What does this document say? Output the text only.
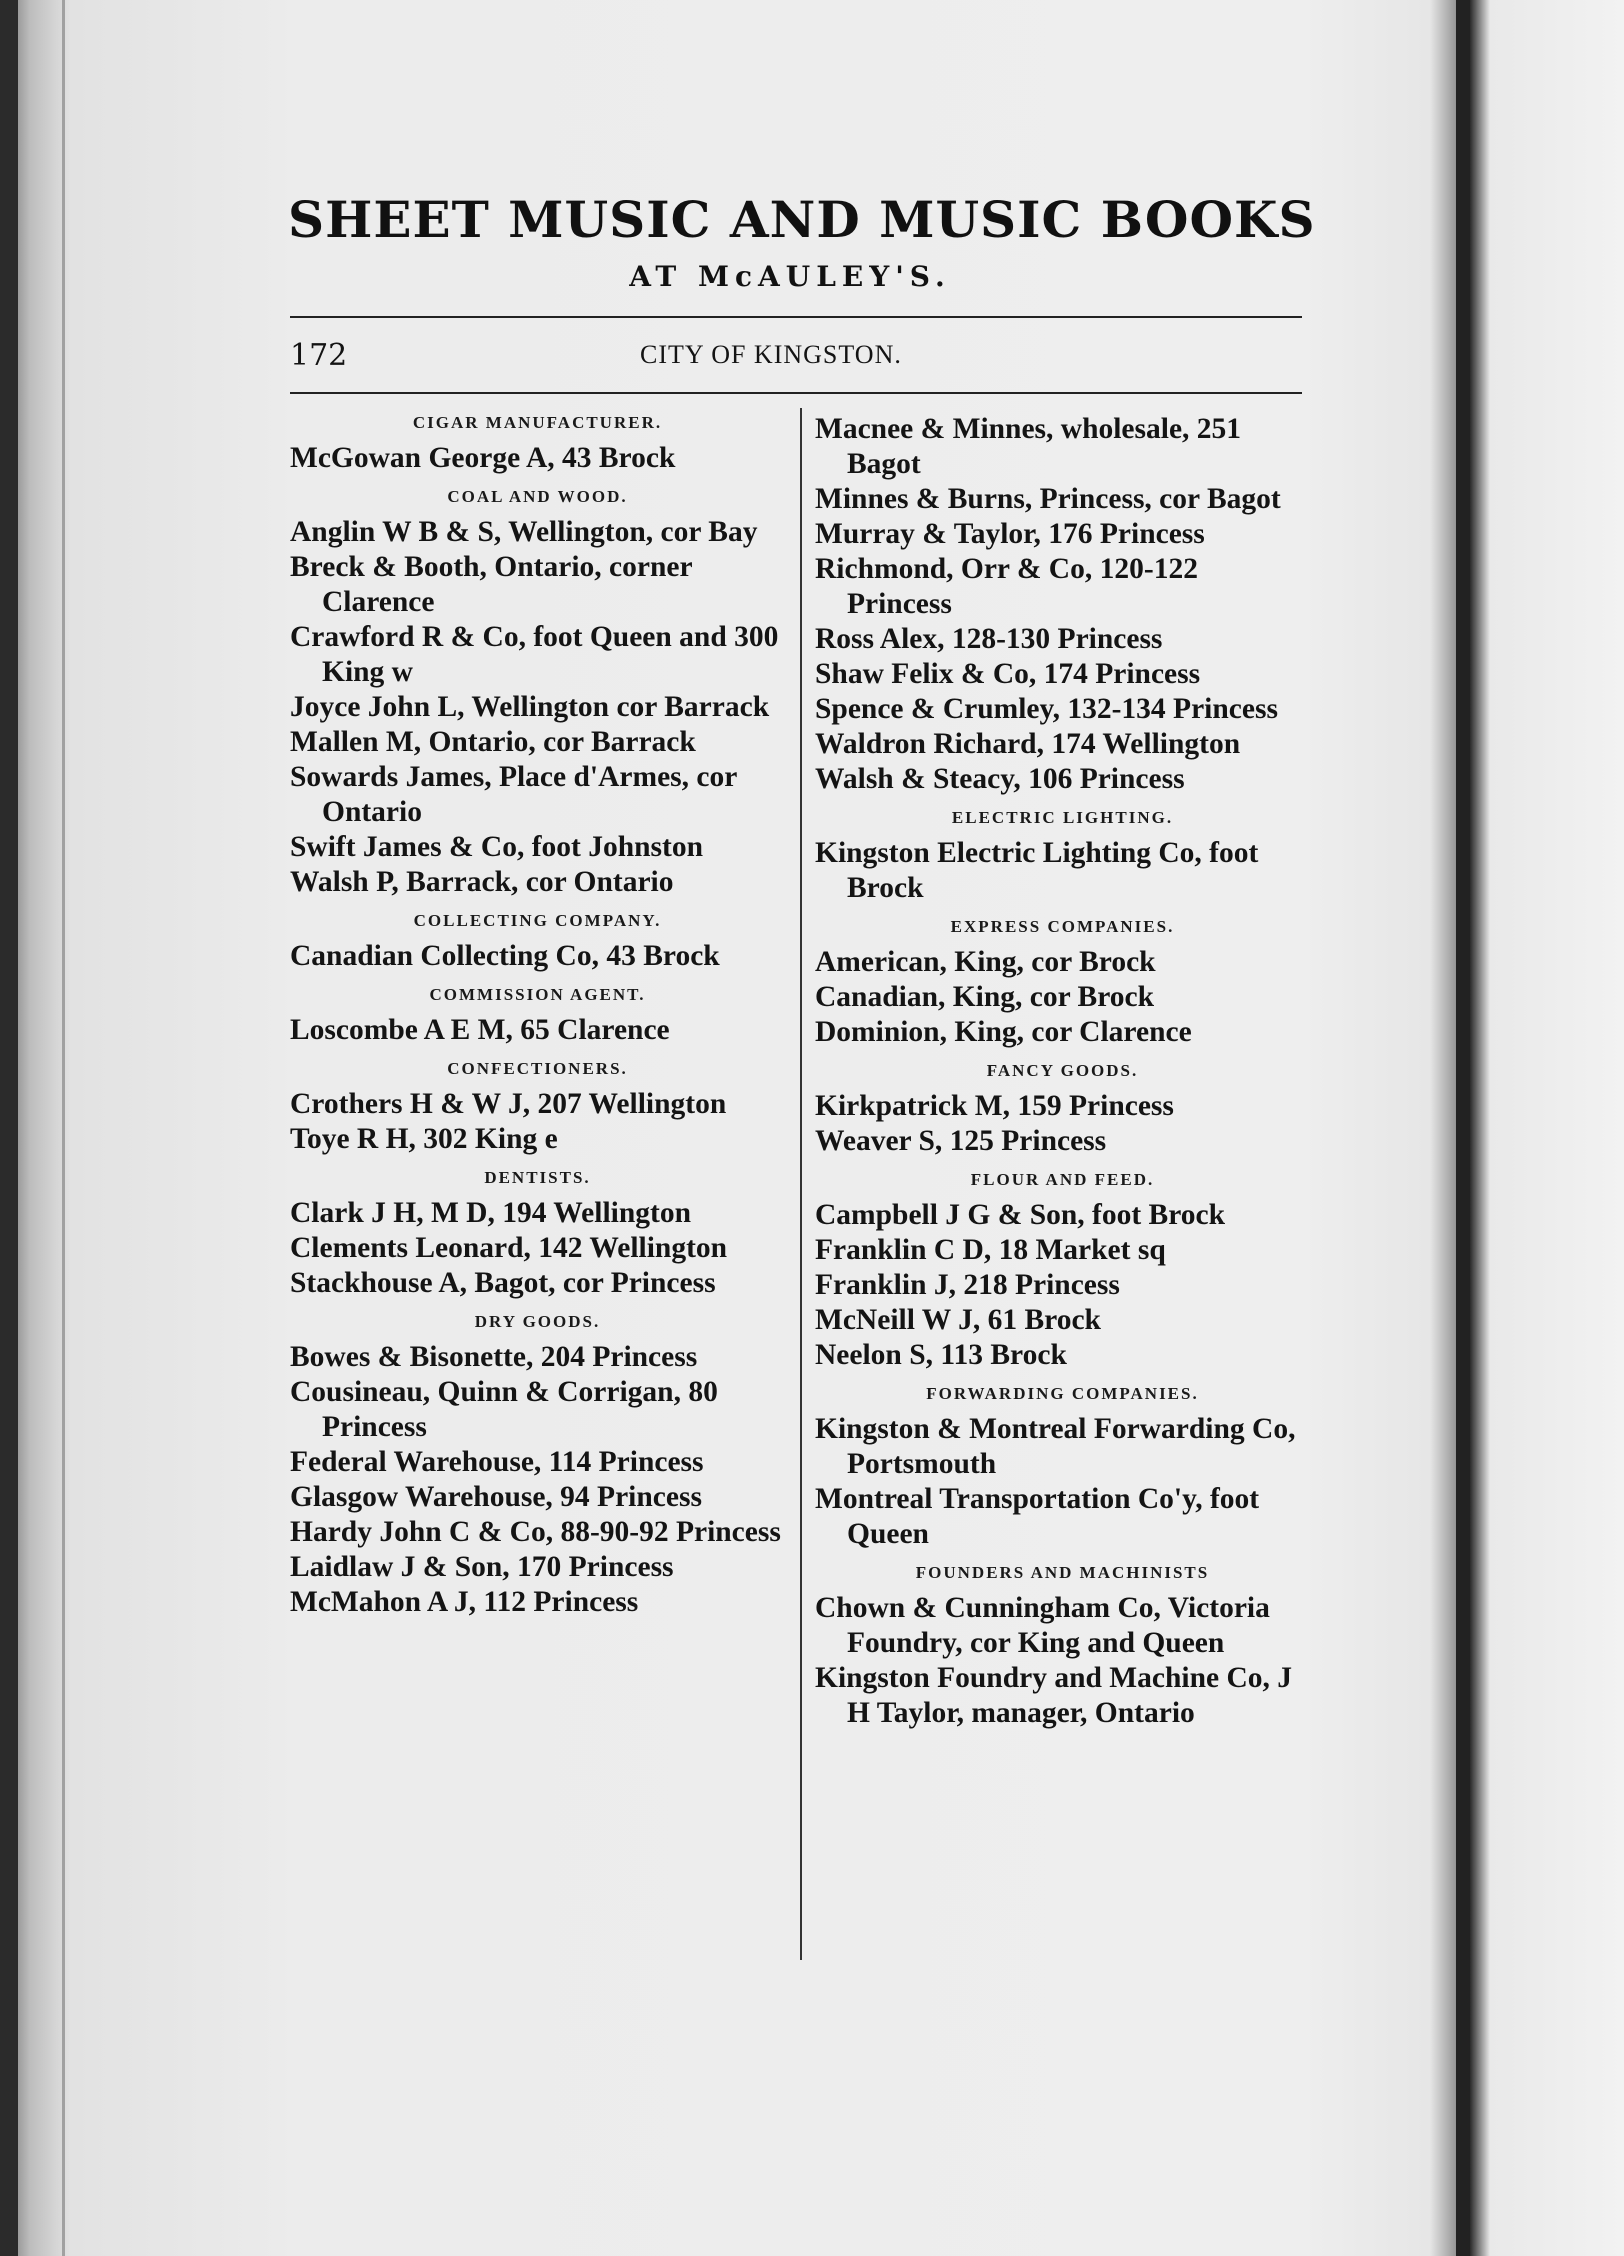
SHEET MUSIC AND MUSIC BOOKS
AT McAULEY'S.
172	CITY OF KINGSTON.
CIGAR MANUFACTURER.

McGowan George A, 43 Brock

COAL AND WOOD.

Anglin W B & S, Wellington, cor Bay

Breck & Booth, Ontario, corner Clarence

Crawford R & Co, foot Queen and 300 King w

Joyce John L, Wellington cor Barrack

Mallen M, Ontario, cor Barrack

Sowards James, Place d'Armes, cor Ontario

Swift James & Co, foot Johnston

Walsh P, Barrack, cor Ontario

COLLECTING COMPANY.

Canadian Collecting Co, 43 Brock

COMMISSION AGENT.

Loscombe A E M, 65 Clarence

CONFECTIONERS.

Crothers H & W J, 207 Wellington

Toye R H, 302 King e

DENTISTS.

Clark J H, M D, 194 Wellington

Clements Leonard, 142 Wellington

Stackhouse A, Bagot, cor Princess

DRY GOODS.

Bowes & Bisonette, 204 Princess

Cousineau, Quinn & Corrigan, 80 Princess

Federal Warehouse, 114 Princess

Glasgow Warehouse, 94 Princess

Hardy John C & Co, 88-90-92 Princess

Laidlaw J & Son, 170 Princess

McMahon A J, 112 Princess

Macnee & Minnes, wholesale, 251 Bagot

Minnes & Burns, Princess, cor Bagot

Murray & Taylor, 176 Princess

Richmond, Orr & Co, 120-122 Princess

Ross Alex, 128-130 Princess

Shaw Felix & Co, 174 Princess

Spence & Crumley, 132-134 Princess

Waldron Richard, 174 Wellington

Walsh & Steacy, 106 Princess

ELECTRIC LIGHTING.

Kingston Electric Lighting Co, foot Brock

EXPRESS COMPANIES.

American, King, cor Brock

Canadian, King, cor Brock

Dominion, King, cor Clarence

FANCY GOODS.

Kirkpatrick M, 159 Princess

Weaver S, 125 Princess

FLOUR AND FEED.

Campbell J G & Son, foot Brock

Franklin C D, 18 Market sq

Franklin J, 218 Princess

McNeill W J, 61 Brock

Neelon S, 113 Brock

FORWARDING COMPANIES.

Kingston & Montreal Forwarding Co, Portsmouth

Montreal Transportation Co'y, foot Queen

FOUNDERS AND MACHINISTS

Chown & Cunningham Co, Victoria Foundry, cor King and Queen

Kingston Foundry and Machine Co, J H Taylor, manager, Ontario
